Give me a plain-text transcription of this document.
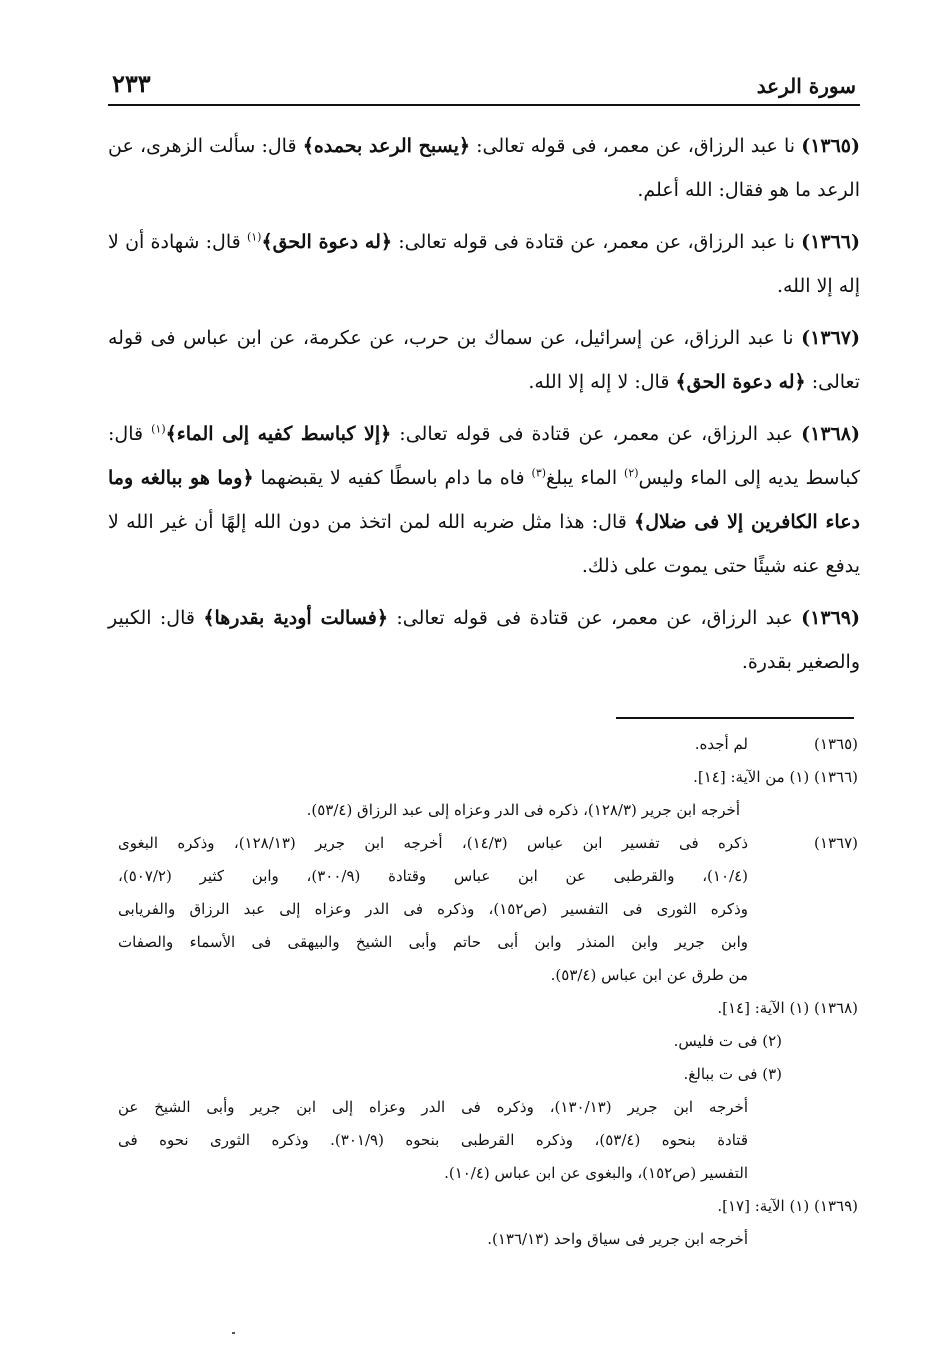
٢٣٣	سورة الرعد

(١٣٦٥) نا عبد الرزاق، عن معمر، فى قوله تعالى: ﴿يسبح الرعد بحمده﴾ قال: سألت الزهرى، عن الرعد ما هو فقال: الله أعلم.

(١٣٦٦) نا عبد الرزاق، عن معمر، عن قتادة فى قوله تعالى: ﴿له دعوة الحق﴾$^{(١)}$ قال: شهادة أن لا إله إلا الله.

(١٣٦٧) نا عبد الرزاق، عن إسرائيل، عن سماك بن حرب، عن عكرمة، عن ابن عباس فى قوله تعالى: ﴿له دعوة الحق﴾ قال: لا إله إلا الله.

(١٣٦٨) عبد الرزاق، عن معمر، عن قتادة فى قوله تعالى: ﴿إلا كباسط كفيه إلى الماء﴾$^{(١)}$ قال: كباسط يديه إلى الماء وليس$^{(٢)}$ الماء يبلغ$^{(٣)}$ فاه ما دام باسطًا كفيه لا يقبضهما ﴿وما هو ببالغه وما دعاء الكافرين إلا فى ضلال﴾ قال: هذا مثل ضربه الله لمن اتخذ من دون الله إلهًا أن غير الله لا يدفع عنه شيئًا حتى يموت على ذلك.

(١٣٦٩) عبد الرزاق، عن معمر، عن قتادة فى قوله تعالى: ﴿فسالت أودية بقدرها﴾ قال: الكبير والصغير بقدرة.

(١٣٦٥)
لم أجده.
(١٣٦٦)

(١) من الآية: [١٤].
أخرجه ابن جرير (١٢٨/٣)، ذكره فى الدر وعزاه إلى عبد الرزاق (٥٣/٤).
(١٣٦٧)
ذكره فى تفسير ابن عباس (١٤/٣)، أخرجه ابن جرير (١٢٨/١٣)، وذكره البغوى
(١٠/٤)، والقرطبى عن ابن عباس وقتادة (٣٠٠/٩)، وابن كثير (٥٠٧/٢)،
وذكره الثورى فى التفسير (ص١٥٢)، وذكره فى الدر وعزاه إلى عبد الرزاق والفريابى
وابن جرير وابن المنذر وابن أبى حاتم وأبى الشيخ والبيهقى فى الأسماء والصفات
من طرق عن ابن عباس (٥٣/٤).
(١٣٦٨)

(١) الآية: [١٤].
(٢) فى ت فليس.
(٣) فى ت ببالغ.
أخرجه ابن جرير (١٣٠/١٣)، وذكره فى الدر وعزاه إلى ابن جرير وأبى الشيخ عن
قتادة بنحوه (٥٣/٤)، وذكره القرطبى بنحوه (٣٠١/٩). وذكره الثورى نحوه فى
التفسير (ص١٥٢)، والبغوى عن ابن عباس (١٠/٤).
(١٣٦٩)

(١) الآية: [١٧].
أخرجه ابن جرير فى سياق واحد (١٣٦/١٣).
